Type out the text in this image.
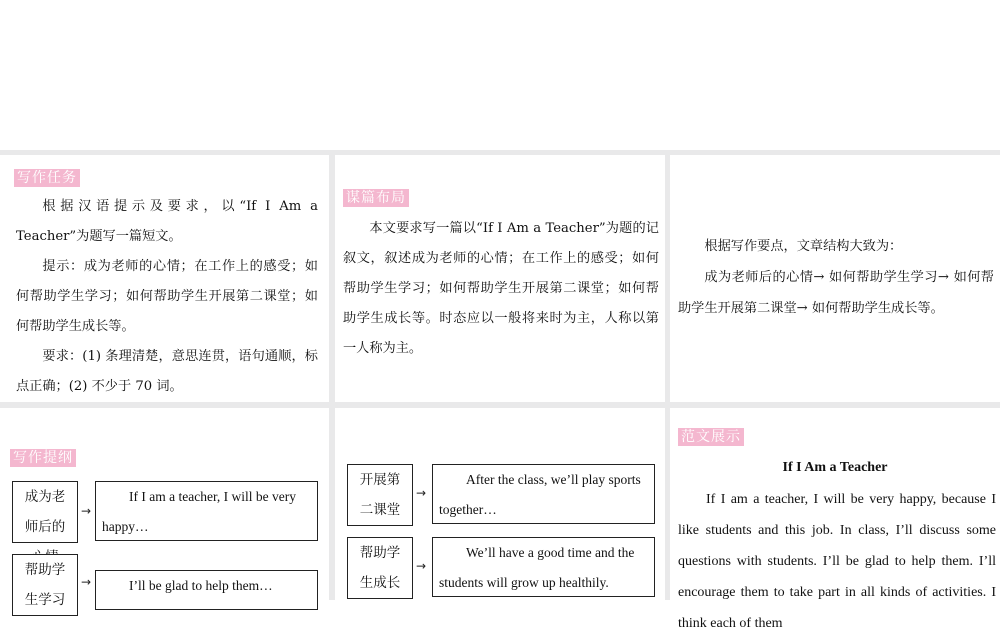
写作任务

根据汉语提示及要求，以“If I Am a Teacher”为题写一篇短文。

提示：成为老师的心情；在工作上的感受；如何帮助学生学习；如何帮助学生开展第二课堂；如何帮助学生成长等。

要求：(1) 条理清楚，意思连贯，语句通顺，标点正确；(2) 不少于 70 词。

谋篇布局

本文要求写一篇以“If I Am a Teacher”为题的记叙文，叙述成为老师的心情；在工作上的感受；如何帮助学生学习；如何帮助学生开展第二课堂；如何帮助学生成长等。时态应以一般将来时为主，人称以第一人称为主。

根据写作要点，文章结构大致为：

成为老师后的心情→ 如何帮助学生学习→ 如何帮助学生开展第二课堂→ 如何帮助学生成长等。

写作提纲
成为老师后的
→
If I am a teacher, I will be very happy…
帮助学生学习
→	I’ll be glad to help them…
开展第二课堂
→
After the class, we’ll play sports together…
帮助学生成长
→
We’ll have a good time and the students will grow up healthily.
范文展示
If I Am a Teacher
If I am a teacher, I will be very happy, because I like students and this job. In class, I’ll discuss some questions with students. I’ll be glad to help them. I’ll encourage them to take part in all kinds of activities. I think each of them
